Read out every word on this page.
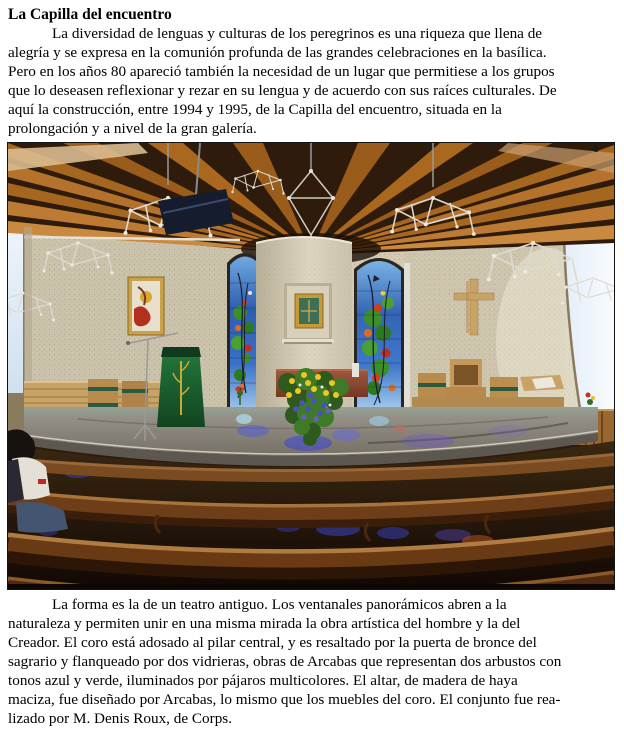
La Capilla del encuentro
La diversidad de lenguas y culturas de los peregrinos es una riqueza que llena de
alegría y se expresa en la comunión profunda de las grandes celebraciones en la basílica.
Pero en los años 80 apareció también la necesidad de un lugar que permitiese a los grupos
que lo deseasen reflexionar y rezar en su lengua y de acuerdo con sus raíces culturales. De
aquí la construcción, entre 1994 y 1995, de la Capilla del encuentro, situada en la
prolongación y a nivel de la gran galería.
La forma es la de un teatro antiguo. Los ventanales panorámicos abren a la
naturaleza y permiten unir en una misma mirada la obra artística del hombre y la del
Creador. El coro está adosado al pilar central, y es resaltado por la puerta de bronce del
sagrario y flanqueado por dos vidrieras, obras de Arcabas que representan dos arbustos con
tonos azul y verde, iluminados por pájaros multicolores. El altar, de madera de haya
maciza, fue diseñado por Arcabas, lo mismo que los muebles del coro. El conjunto fue rea-
lizado por M. Denis Roux, de Corps.
